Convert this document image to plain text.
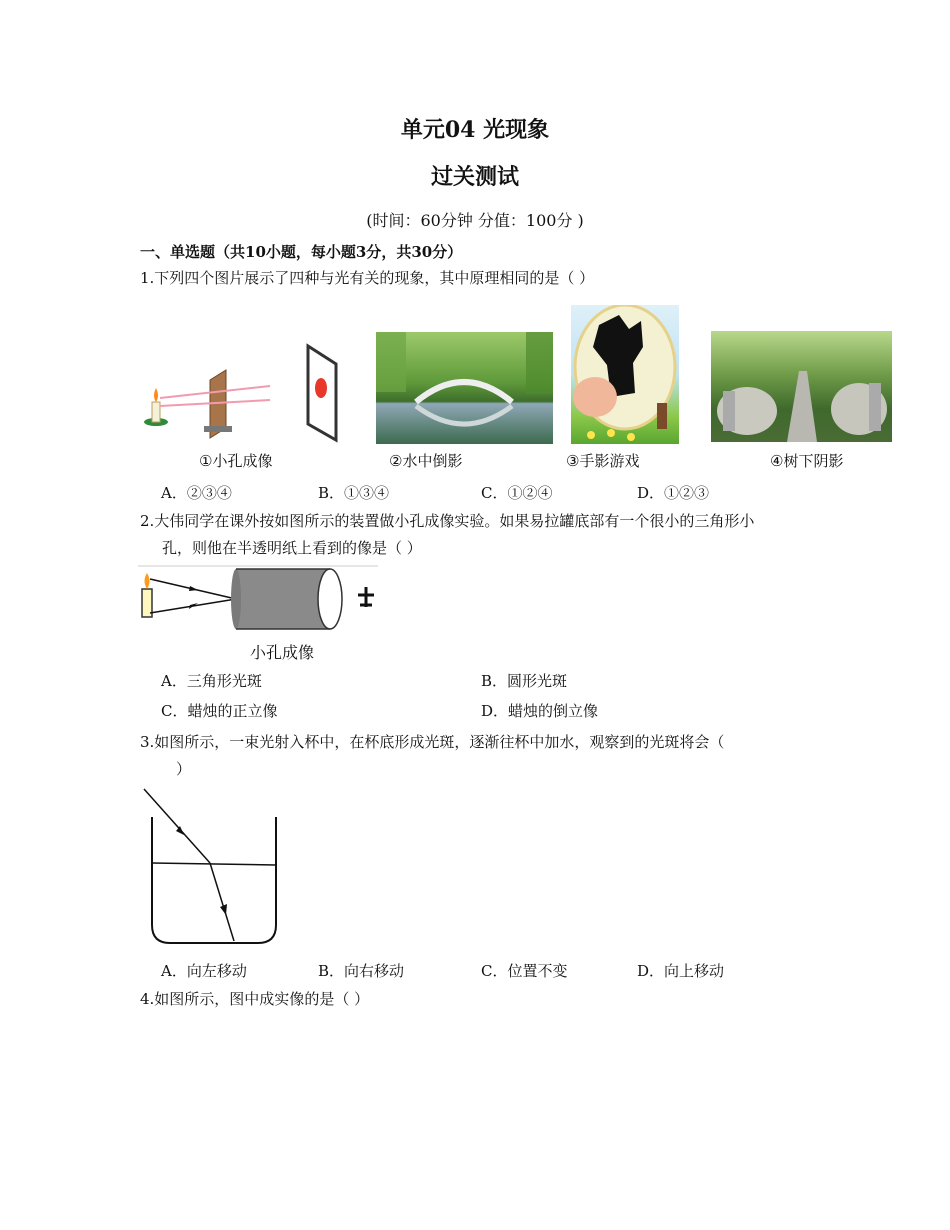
单元04 光现象
过关测试
(时间：60分钟 分值：100分 )
一、单选题（共10小题，每小题3分，共30分）
1.下列四个图片展示了四种与光有关的现象，其中原理相同的是（ ）
①小孔成像	②水中倒影	③手影游戏	④树下阴影
A．②③④	B．①③④	C．①②④	D．①②③
2.大伟同学在课外按如图所示的装置做小孔成像实验。如果易拉罐底部有一个很小的三角形小
孔，则他在半透明纸上看到的像是（ ）
小孔成像
A．三角形光斑	B．圆形光斑
C．蜡烛的正立像	D．蜡烛的倒立像
3.如图所示，一束光射入杯中，在杯底形成光斑，逐渐往杯中加水，观察到的光斑将会（
）
A．向左移动	B．向右移动	C．位置不变	D．向上移动
4.如图所示，图中成实像的是（ ）
